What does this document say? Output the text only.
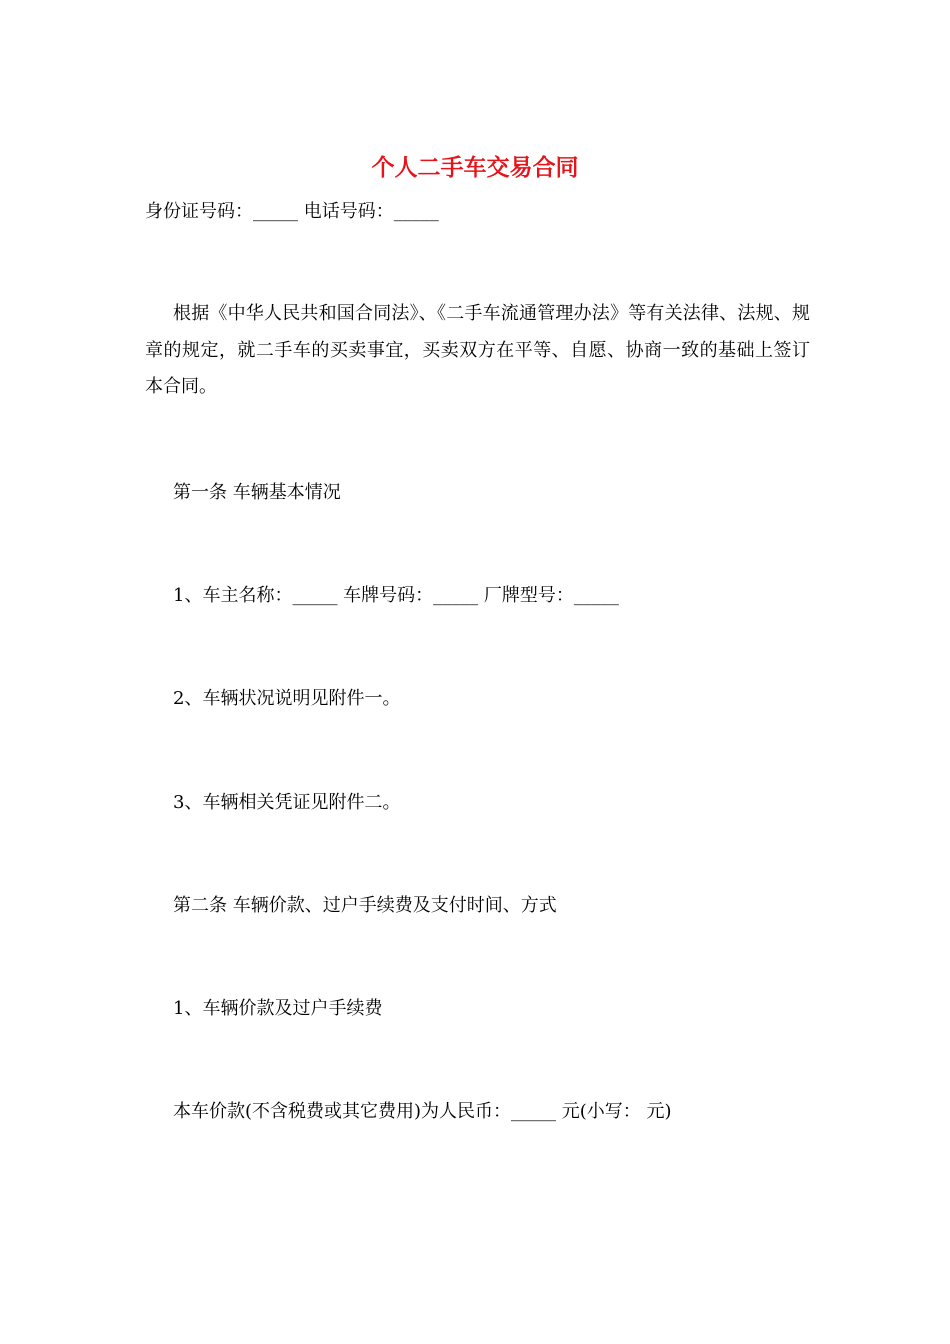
个人二手车交易合同
身份证号码：_____ 电话号码：_____
根据《中华人民共和国合同法》、《二手车流通管理办法》等有关法律、法规、规章的规定，就二手车的买卖事宜，买卖双方在平等、自愿、协商一致的基础上签订本合同。
第一条 车辆基本情况
1、车主名称：_____ 车牌号码：_____ 厂牌型号：_____
2、车辆状况说明见附件一。
3、车辆相关凭证见附件二。
第二条 车辆价款、过户手续费及支付时间、方式
1、车辆价款及过户手续费
本车价款(不含税费或其它费用)为人民币：_____ 元(小写： 元)
